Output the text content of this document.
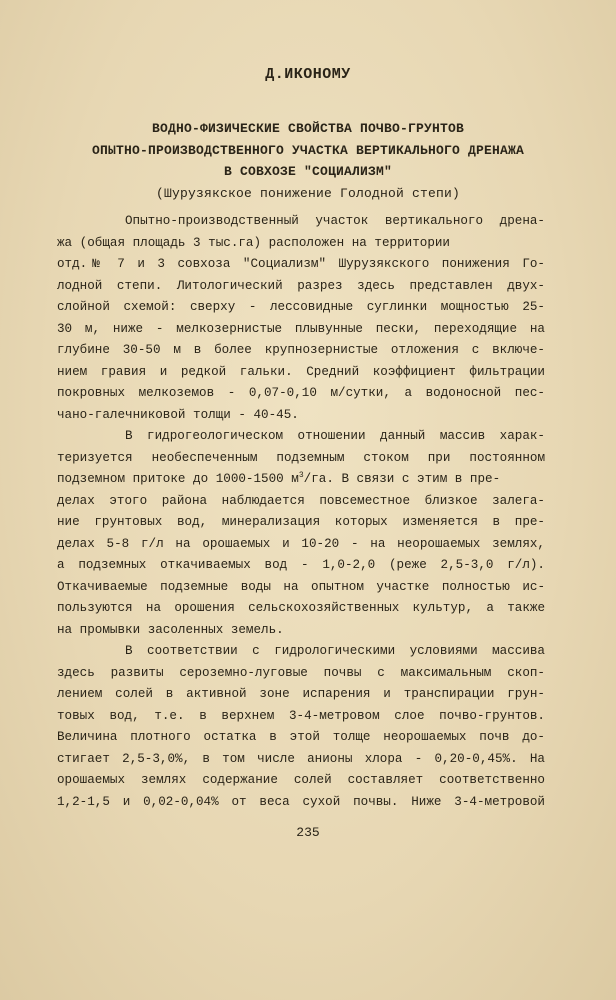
Д.ИКОНОМУ
ВОДНО-ФИЗИЧЕСКИЕ СВОЙСТВА ПОЧВО-ГРУНТОВ
ОПЫТНО-ПРОИЗВОДСТВЕННОГО УЧАСТКА ВЕРТИКАЛЬНОГО ДРЕНАЖА
В СОВХОЗЕ "СОЦИАЛИЗМ"
(Шурузякское понижение Голодной степи)
Опытно-производственный участок вертикального дрена-
жа (общая площадь 3 тыс.га) расположен на территории
отд.№ 7 и 3 совхоза "Социализм" Шурузякского понижения Го-
лодной степи. Литологический разрез здесь представлен двух-
слойной схемой: сверху - лессовидные суглинки мощностью 25-
30 м, ниже - мелкозернистые плывунные пески, переходящие на
глубине 30-50 м в более крупнозернистые отложения с включе-
нием гравия и редкой гальки. Средний коэффициент фильтрации
покровных мелкоземов - 0,07-0,10 м/сутки, а водоносной пес-
чано-галечниковой толщи - 40-45.
В гидрогеологическом отношении данный массив харак-
теризуется необеспеченным подземным стоком при постоянном
подземном притоке до 1000-1500 $м^3/га$. В связи с этим в пре-
делах этого района наблюдается повсеместное близкое залега-
ние грунтовых вод, минерализация которых изменяется в пре-
делах 5-8 г/л на орошаемых и 10-20 - на неорошаемых землях,
а подземных откачиваемых вод - 1,0-2,0 (реже 2,5-3,0 г/л).
Откачиваемые подземные воды на опытном участке полностью ис-
пользуются на орошения сельскохозяйственных культур, а также
на промывки засоленных земель.
В соответствии с гидрологическими условиями массива
здесь развиты сероземно-луговые почвы с максимальным скоп-
лением солей в активной зоне испарения и транспирации грун-
товых вод, т.е. в верхнем 3-4-метровом слое почво-грунтов.
Величина плотного остатка в этой толще неорошаемых почв до-
стигает 2,5-3,0%, в том числе анионы хлора - 0,20-0,45%. На
орошаемых землях содержание солей составляет соответственно
1,2-1,5 и 0,02-0,04% от веса сухой почвы. Ниже 3-4-метровой
235
